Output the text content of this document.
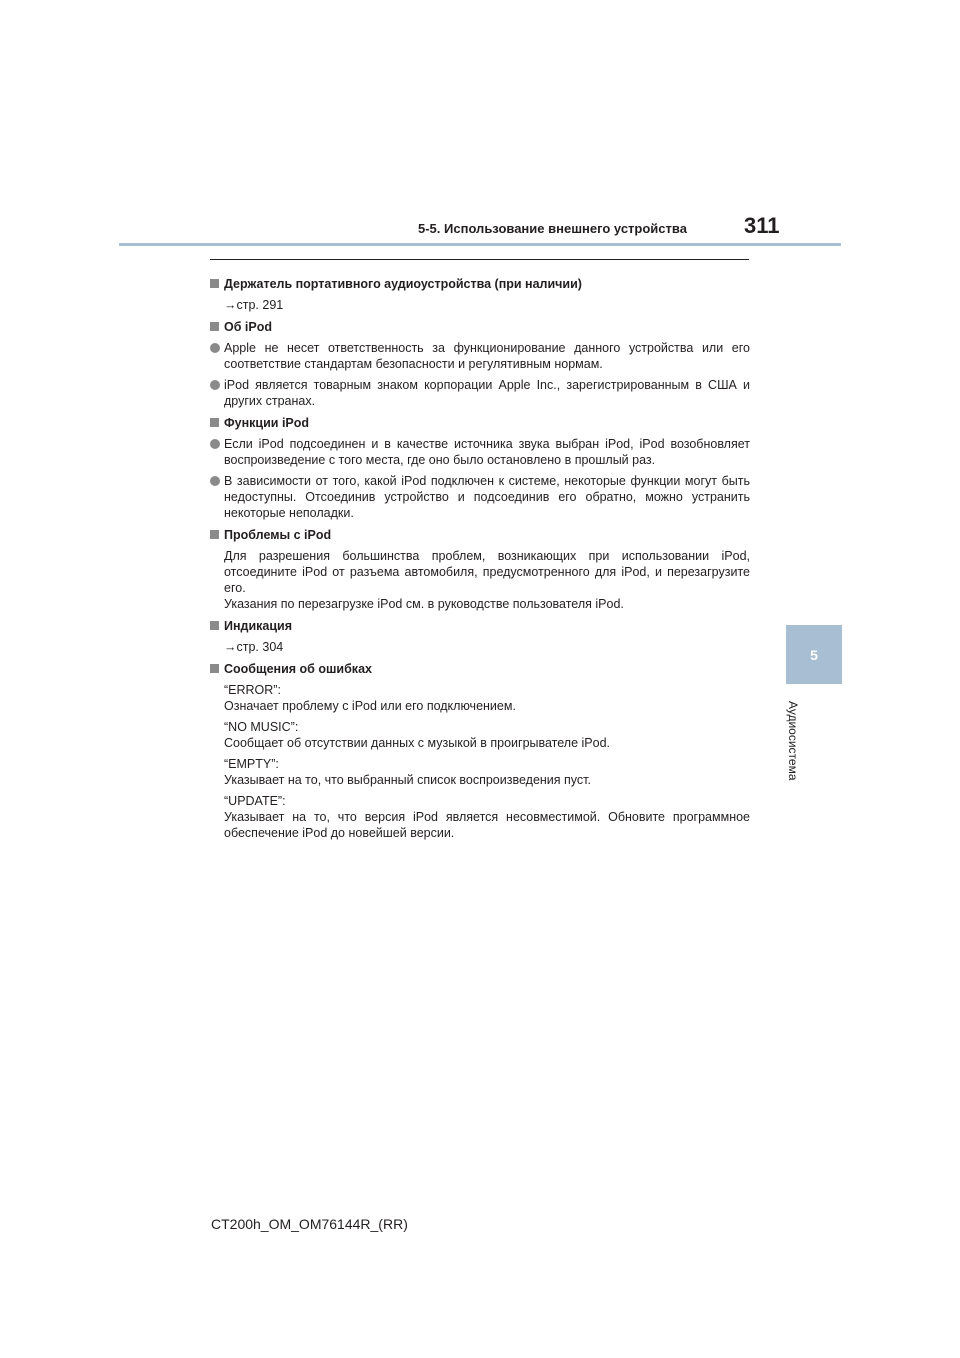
5-5. Использование внешнего устройства	311
5
Аудиосистема
Держатель портативного аудиоустройства (при наличии)
→стр. 291
Об iPod
Apple не несет ответственность за функционирование данного устройства или его соответствие стандартам безопасности и регулятивным нормам.
iPod является товарным знаком корпорации Apple Inc., зарегистрированным в США и других странах.
Функции iPod
Если iPod подсоединен и в качестве источника звука выбран iPod, iPod возобновляет воспроизведение с того места, где оно было остановлено в прошлый раз.
В зависимости от того, какой iPod подключен к системе, некоторые функции могут быть недоступны. Отсоединив устройство и подсоединив его обратно, можно устранить некоторые неполадки.
Проблемы с iPod
Для разрешения большинства проблем, возникающих при использовании iPod, отсоедините iPod от разъема автомобиля, предусмотренного для iPod, и перезагрузите его.
Указания по перезагрузке iPod см. в руководстве пользователя iPod.
Индикация
→стр. 304
Сообщения об ошибках
“ERROR”:
Означает проблему с iPod или его подключением.
“NO MUSIC”:
Сообщает об отсутствии данных с музыкой в проигрывателе iPod.
“EMPTY”:
Указывает на то, что выбранный список воспроизведения пуст.
“UPDATE”:
Указывает на то, что версия iPod является несовместимой. Обновите программное обеспечение iPod до новейшей версии.
CT200h_OM_OM76144R_(RR)
